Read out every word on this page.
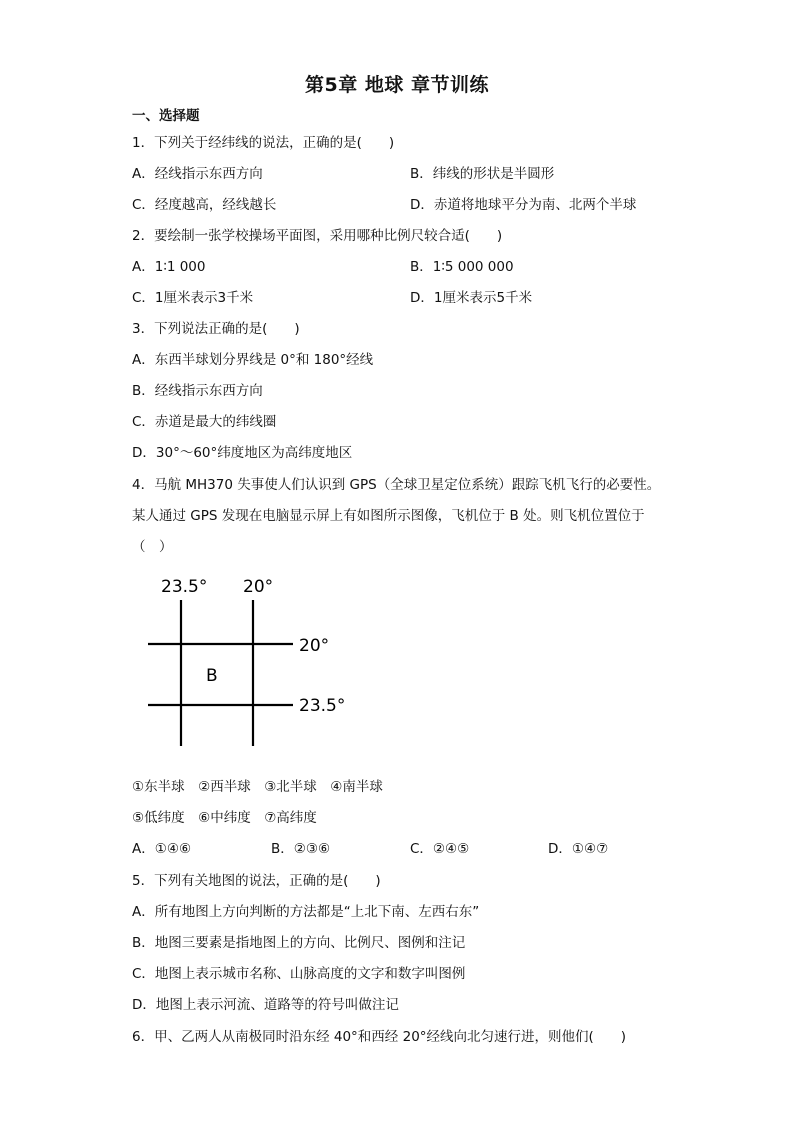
第5章 地球 章节训练
一、选择题
1．下列关于经纬线的说法，正确的是(　　)
A．经线指示东西方向	B．纬线的形状是半圆形
C．经度越高，经线越长	D．赤道将地球平分为南、北两个半球
2．要绘制一张学校操场平面图，采用哪种比例尺较合适(　　)
A．1∶1 000	B．1∶5 000 000
C．1厘米表示3千米	D．1厘米表示5千米
3．下列说法正确的是(　　)
A．东西半球划分界线是 0°和 180°经线
B．经线指示东西方向
C．赤道是最大的纬线圈
D．30°～60°纬度地区为高纬度地区
4．马航 MH370 失事使人们认识到 GPS（全球卫星定位系统）跟踪飞机飞行的必要性。
某人通过 GPS 发现在电脑显示屏上有如图所示图像，飞机位于 B 处。则飞机位置位于
（　）
23.5° 20°
20°
23.5°
B
①东半球　②西半球　③北半球　④南半球
⑤低纬度　⑥中纬度　⑦高纬度
A．①④⑥	B．②③⑥	C．②④⑤	D．①④⑦
5．下列有关地图的说法，正确的是(　　)
A．所有地图上方向判断的方法都是“上北下南、左西右东”
B．地图三要素是指地图上的方向、比例尺、图例和注记
C．地图上表示城市名称、山脉高度的文字和数字叫图例
D．地图上表示河流、道路等的符号叫做注记
6．甲、乙两人从南极同时沿东经 40°和西经 20°经线向北匀速行进，则他们(　　)
